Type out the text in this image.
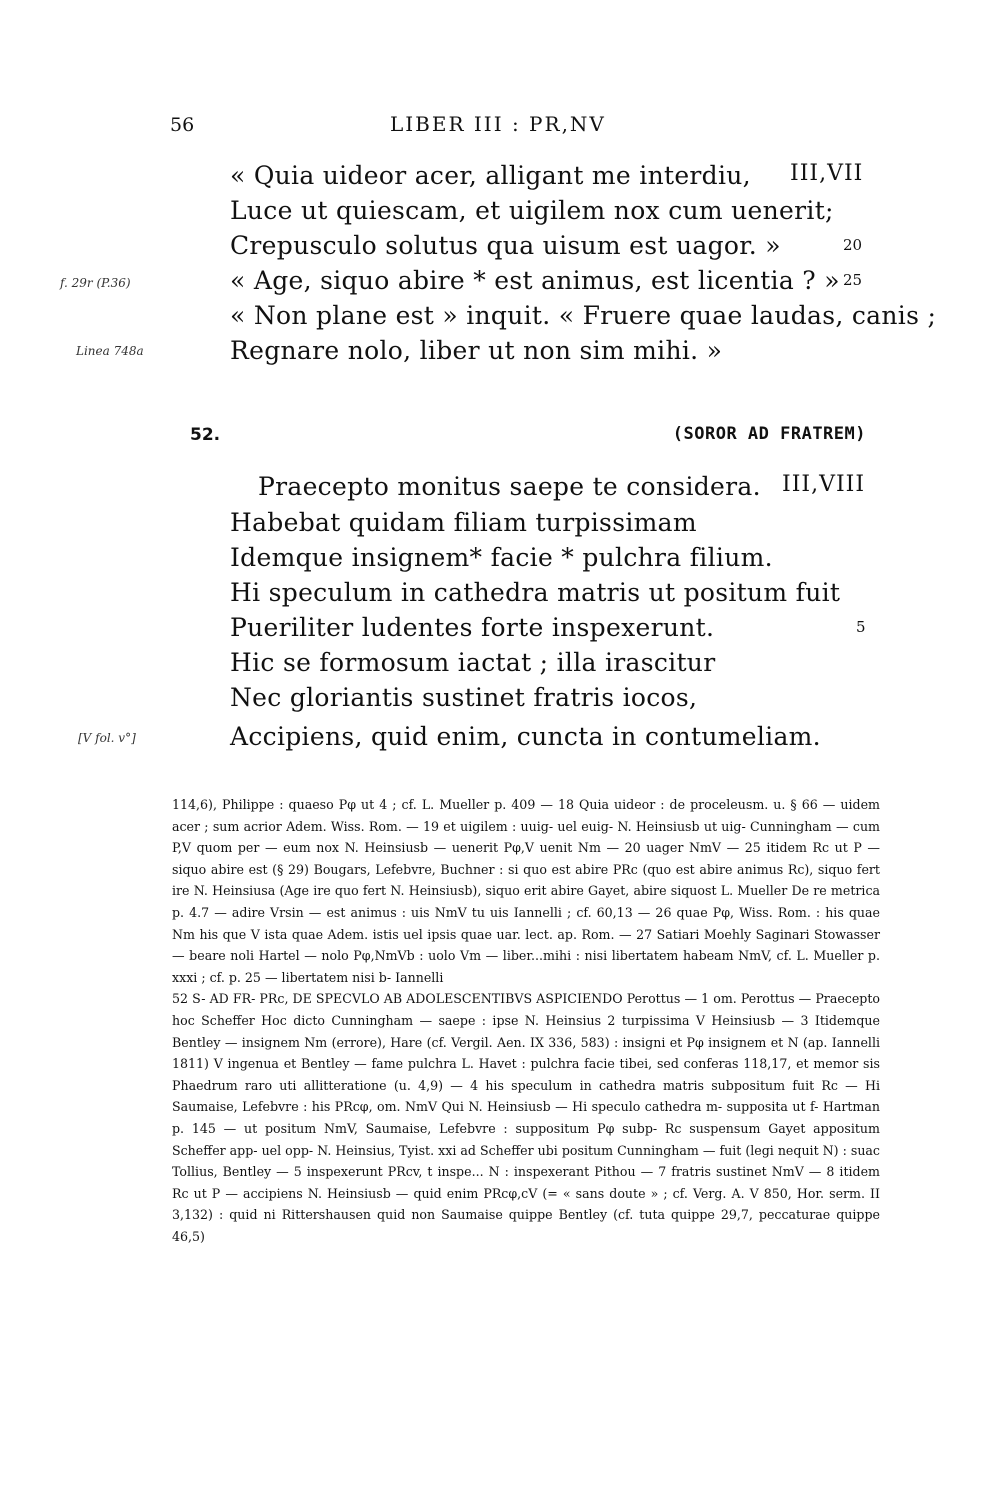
56	LIBER III : PR,NV
« Quia uideor acer, alligant me interdiu, III,VII
Luce ut quiescam, et uigilem nox cum uenerit;
Crepusculo solutus qua uisum est uagor. »	20
« Age, siquo abire * est animus, est licentia ? » 25
f. 29r (P.36)
« Non plane est » inquit. « Fruere quae laudas, canis ;
Regnare nolo, liber ut non sim mihi. »
Linea 748a
52.	(SOROR AD FRATREM)
Praecepto monitus saepe te considera. III,VIII
Habebat quidam filiam turpissimam
Idemque insignem* facie * pulchra filium.
Hi speculum in cathedra matris ut positum fuit
Pueriliter ludentes forte inspexerunt.	5
Hic se formosum iactat ; illa irascitur
Nec gloriantis sustinet fratris iocos,
Accipiens, quid enim, cuncta in contumeliam.
[V fol. v°]

114,6), Philippe : quaeso Pφ ut 4 ; cf. L. Mueller p. 409 — 18 Quia uideor : de proceleusm. u. § 66 — uidem acer ; sum acrior Adem. Wiss. Rom. — 19 et uigilem : uuig- uel euig- N. Heinsiusb ut uig- Cunningham — cum P,V quom per — eum nox N. Heinsiusb — uenerit Pφ,V uenit Nm — 20 uager NmV — 25 itidem Rc ut P — siquo abire est (§ 29) Bougars, Lefebvre, Buchner : si quo est abire PRc (quo est abire animus Rc), siquo fert ire N. Heinsiusa (Age ire quo fert N. Heinsiusb), siquo erit abire Gayet, abire siquost L. Mueller De re metrica p. 4.7 — adire Vrsin — est animus : uis NmV tu uis Iannelli ; cf. 60,13 — 26 quae Pφ, Wiss. Rom. : his quae Nm his que V ista quae Adem. istis uel ipsis quae uar. lect. ap. Rom. — 27 Satiari Moehly Saginari Stowasser — beare noli Hartel — nolo Pφ,NmVb : uolo Vm — liber...mihi : nisi libertatem habeam NmV, cf. L. Mueller p. xxxi ; cf. p. 25 — libertatem nisi b- Iannelli

52 S- AD FR- PRc, DE SPECVLO AB ADOLESCENTIBVS ASPICIENDO Perottus — 1 om. Perottus — Praecepto hoc Scheffer Hoc dicto Cunningham — saepe : ipse N. Heinsius 2 turpissima V Heinsiusb — 3 Itidemque Bentley — insignem Nm (errore), Hare (cf. Vergil. Aen. IX 336, 583) : insigni et Pφ insignem et N (ap. Iannelli 1811) V ingenua et Bentley — fame pulchra L. Havet : pulchra facie tibei, sed conferas 118,17, et memor sis Phaedrum raro uti allitteratione (u. 4,9) — 4 his speculum in cathedra matris subpositum fuit Rc — Hi Saumaise, Lefebvre : his PRcφ, om. NmV Qui N. Heinsiusb — Hi speculo cathedra m- supposita ut f- Hartman p. 145 — ut positum NmV, Saumaise, Lefebvre : suppositum Pφ subp- Rc suspensum Gayet appositum Scheffer app- uel opp- N. Heinsius, Tyist. xxi ad Scheffer ubi positum Cunningham — fuit (legi nequit N) : suac Tollius, Bentley — 5 inspexerunt PRcv, t inspe... N : inspexerant Pithou — 7 fratris sustinet NmV — 8 itidem Rc ut P — accipiens N. Heinsiusb — quid enim PRcφ,cV (= « sans doute » ; cf. Verg. A. V 850, Hor. serm. II 3,132) : quid ni Rittershausen quid non Saumaise quippe Bentley (cf. tuta quippe 29,7, peccaturae quippe 46,5)
